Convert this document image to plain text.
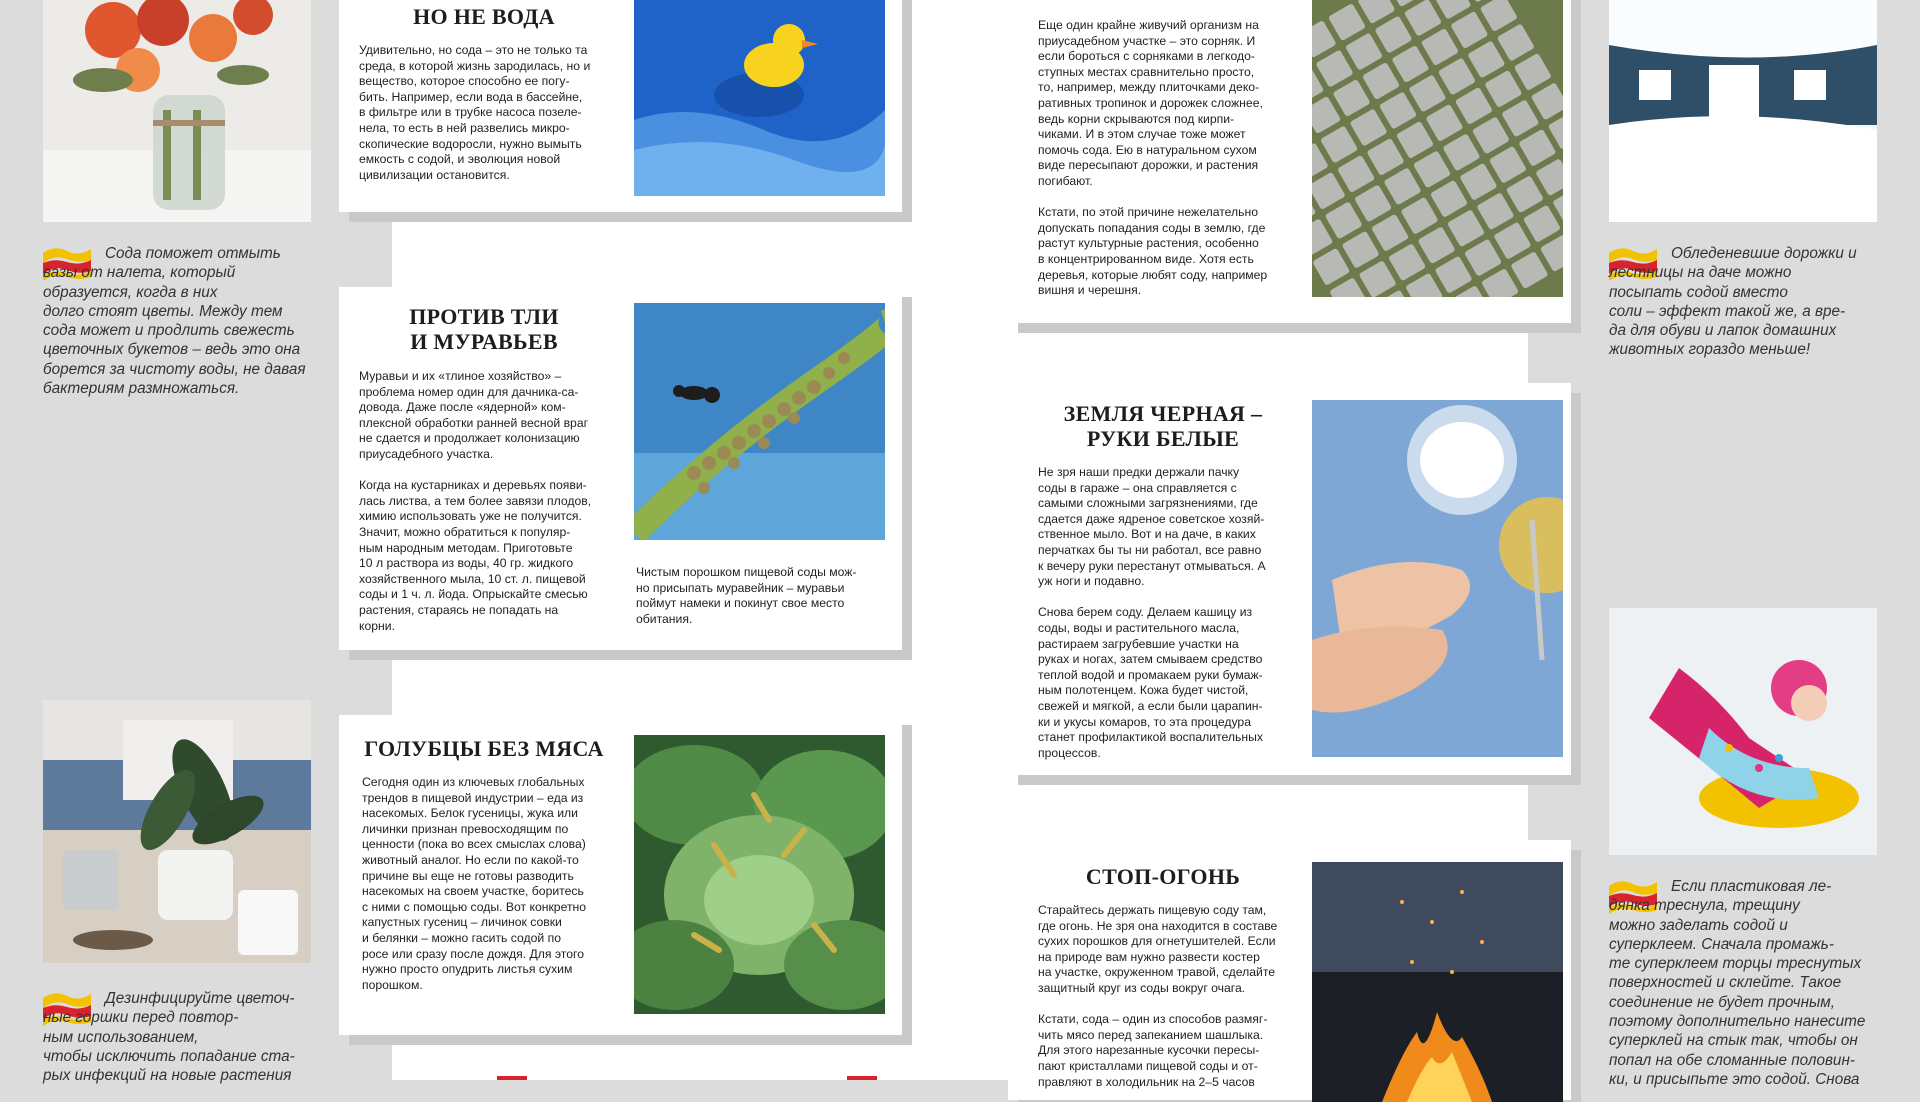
Сода поможет отмыть
вазы от налета, который
образуется, когда в них
долго стоят цветы. Между тем
сода может и продлить свежесть
цветочных букетов – ведь это она
борется за чистоту воды, не давая
бактериям размножаться.
Дезинфицируйте цветоч-
ные горшки перед повтор-
ным использованием,
чтобы исключить попадание ста-
рых инфекций на новые растения
НО НЕ ВОДА
Удивительно, но сода – это не только та
среда, в которой жизнь зародилась, но и
вещество, которое способно ее погу-
бить. Например, если вода в бассейне,
в фильтре или в трубке насоса позеле-
нела, то есть в ней развелись микро-
скопические водоросли, нужно вымыть
емкость с содой, и эволюция новой
цивилизации остановится.
ПРОТИВ ТЛИ
И МУРАВЬЕВ
Муравьи и их «тлиное хозяйство» –
проблема номер один для дачника-са-
довода. Даже после «ядерной» ком-
плексной обработки ранней весной враг
не сдается и продолжает колонизацию
приусадебного участка.

Когда на кустарниках и деревьях появи-
лась листва, а тем более завязи плодов,
химию использовать уже не получится.
Значит, можно обратиться к популяр-
ным народным методам. Приготовьте
10 л раствора из воды, 40 гр. жидкого
хозяйственного мыла, 10 ст. л. пищевой
соды и 1 ч. л. йода. Опрыскайте смесью
растения, стараясь не попадать на
корни.
Чистым порошком пищевой соды мож-
но присыпать муравейник – муравьи
поймут намеки и покинут свое место
обитания.
ГОЛУБЦЫ БЕЗ МЯСА
Сегодня один из ключевых глобальных
трендов в пищевой индустрии – еда из
насекомых. Белок гусеницы, жука или
личинки признан превосходящим по
ценности (пока во всех смыслах слова)
животный аналог. Но если по какой-то
причине вы еще не готовы разводить
насекомых на своем участке, боритесь
с ними с помощью соды. Вот конкретно
капустных гусениц – личинок совки
и белянки – можно гасить содой по
росе или сразу после дождя. Для этого
нужно просто опудрить листья сухим
порошком.
Еще один крайне живучий организм на
приусадебном участке – это сорняк. И
если бороться с сорняками в легкодо-
ступных местах сравнительно просто,
то, например, между плиточками деко-
ративных тропинок и дорожек сложнее,
ведь корни скрываются под кирпи-
чиками. И в этом случае тоже может
помочь сода. Ею в натуральном сухом
виде пересыпают дорожки, и растения
погибают.

Кстати, по этой причине нежелательно
допускать попадания соды в землю, где
растут культурные растения, особенно
в концентрированном виде. Хотя есть
деревья, которые любят соду, например
вишня и черешня.
ЗЕМЛЯ ЧЕРНАЯ –
РУКИ БЕЛЫЕ
Не зря наши предки держали пачку
соды в гараже – она справляется с
самыми сложными загрязнениями, где
сдается даже ядреное советское хозяй-
ственное мыло. Вот и на даче, в каких
перчатках бы ты ни работал, все равно
к вечеру руки перестанут отмываться. А
уж ноги и подавно.

Снова берем соду. Делаем кашицу из
соды, воды и растительного масла,
растираем загрубевшие участки на
руках и ногах, затем смываем средство
теплой водой и промакаем руки бумаж-
ным полотенцем. Кожа будет чистой,
свежей и мягкой, а если были царапин-
ки и укусы комаров, то эта процедура
станет профилактикой воспалительных
процессов.
СТОП-ОГОНЬ
Старайтесь держать пищевую соду там,
где огонь. Не зря она находится в составе
сухих порошков для огнетушителей. Если
на природе вам нужно развести костер
на участке, окруженном травой, сделайте
защитный круг из соды вокруг очага.

Кстати, сода – один из способов размяг-
чить мясо перед запеканием шашлыка.
Для этого нарезанные кусочки пересы-
пают кристаллами пищевой соды и от-
правляют в холодильник на 2–5 часов
Обледеневшие дорожки и
лестницы на даче можно
посыпать содой вместо
соли – эффект такой же, а вре-
да для обуви и лапок домашних
животных гораздо меньше!
Если пластиковая ле-
дянка треснула, трещину
можно заделать содой и
суперклеем. Сначала промажь-
те суперклеем торцы треснутых
поверхностей и склейте. Такое
соединение не будет прочным,
поэтому дополнительно нанесите
суперклей на стык так, чтобы он
попал на обе сломанные половин-
ки, и присыпьте это содой. Снова
